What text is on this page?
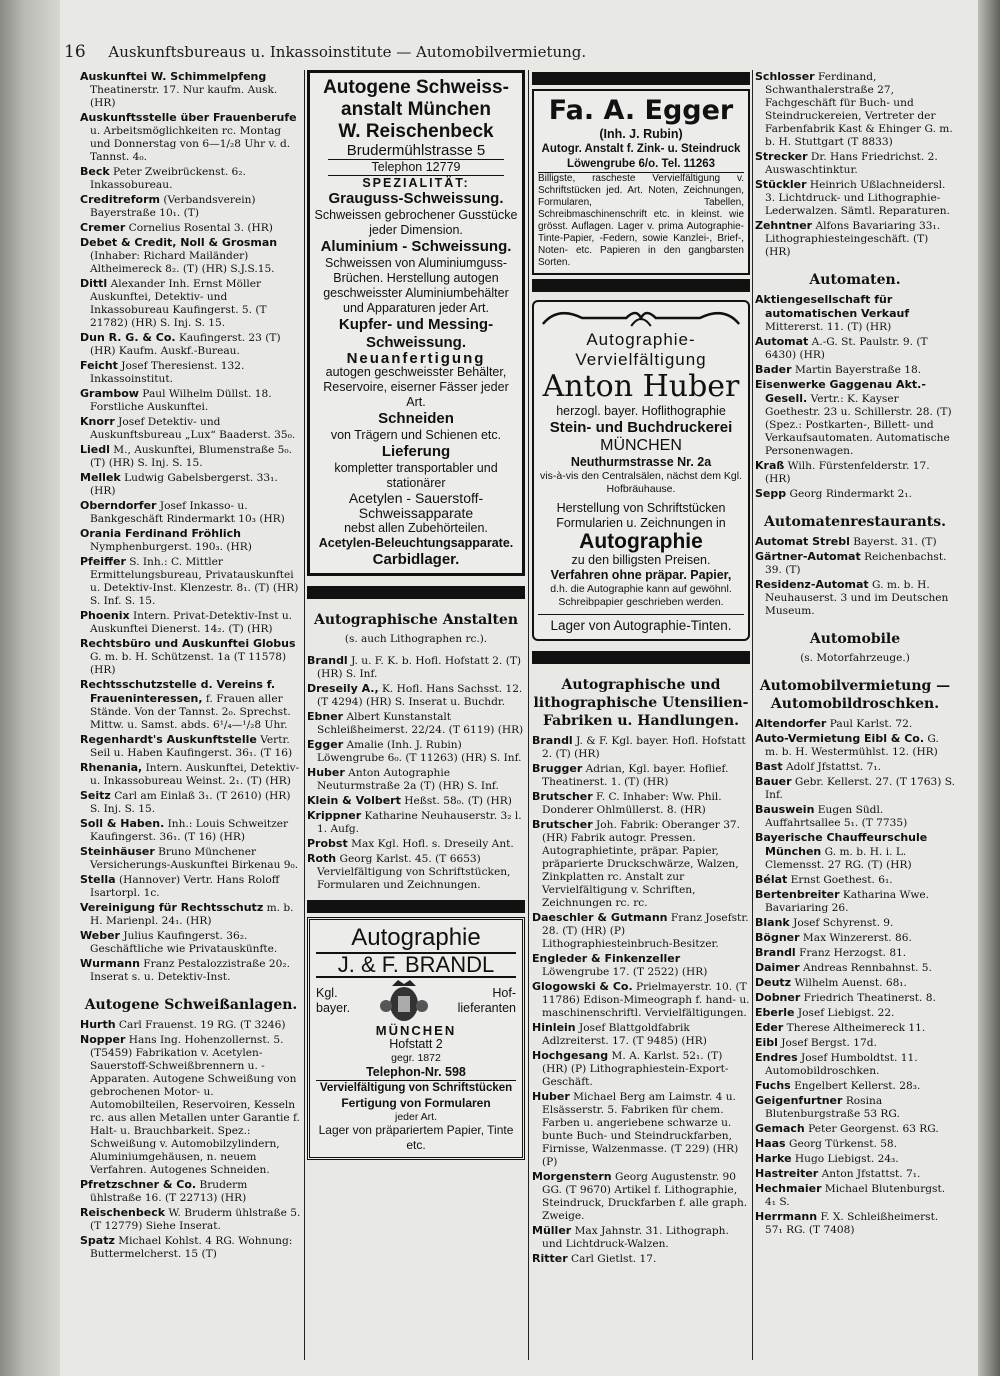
16 Auskunftsbureaus u. Inkassoinstitute — Automobilvermietung.
Auskunftei W. Schimmelpfeng Theatinerstr. 17. Nur kaufm. Ausk. (HR)
Auskunftsstelle über Frauenberufe u. Arbeitsmöglichkeiten rc. Montag und Donnerstag von 6—1/₂8 Uhr v. d. Tannst. 4₀.
Beck Peter Zweibrückenst. 6₂. Inkassobureau.
Creditreform (Verbandsverein) Bayerstraße 10₁. (T)
Cremer Cornelius Rosental 3. (HR)
Debet & Credit, Noll & Grosman (Inhaber: Richard Mailänder) Altheimereck 8₂. (T) (HR) S.J.S.15.
Dittl Alexander Inh. Ernst Möller Auskunftei, Detektiv- und Inkassobureau Kaufingerst. 5. (T 21782) (HR) S. Inj. S. 15.
Dun R. G. & Co. Kaufingerst. 23 (T) (HR) Kaufm. Auskf.-Bureau.
Feicht Josef Theresienst. 132. Inkassoinstitut.
Grambow Paul Wilhelm Düllst. 18. Forstliche Auskunftei.
Knorr Josef Detektiv- und Auskunftsbureau „Lux“ Baaderst. 35₀.
Liedl M., Auskunftei, Blumenstraße 5₀. (T) (HR) S. Inj. S. 15.
Mellek Ludwig Gabelsbergerst. 33₁. (HR)
Oberndorfer Josef Inkasso- u. Bankgeschäft Rindermarkt 10₃ (HR)
Orania Ferdinand Fröhlich Nymphenburgerst. 190₃. (HR)
Pfeiffer S. Inh.: C. Mittler Ermittelungsbureau, Privatauskunftei u. Detektiv-Inst. Klenzestr. 8₁. (T) (HR) S. Inf. S. 15.
Phoenix Intern. Privat-Detektiv-Inst u. Auskunftei Dienerst. 14₂. (T) (HR)
Rechtsbüro und Auskunftei Globus G. m. b. H. Schützenst. 1a (T 11578) (HR)
Rechtsschutzstelle d. Vereins f. Fraueninteressen, f. Frauen aller Stände. Von der Tannst. 2₀. Sprechst. Mittw. u. Samst. abds. 6¹/₄—¹/₂8 Uhr.
Regenhardt's Auskunftstelle Vertr. Seil u. Haben Kaufingerst. 36₁. (T 16)
Rhenania, Intern. Auskunftei, Detektiv- u. Inkassobureau Weinst. 2₁. (T) (HR)
Seitz Carl am Einlaß 3₁. (T 2610) (HR) S. Inj. S. 15.
Soll & Haben. Inh.: Louis Schweitzer Kaufingerst. 36₁. (T 16) (HR)
Steinhäuser Bruno Münchener Versicherungs-Auskunftei Birkenau 9₀.
Stella (Hannover) Vertr. Hans Roloff Isartorpl. 1c.
Vereinigung für Rechtsschutz m. b. H. Marienpl. 24₁. (HR)
Weber Julius Kaufingerst. 36₂. Geschäftliche wie Privatauskünfte.
Wurmann Franz Pestalozzistraße 20₂. Inserat s. u. Detektiv-Inst.
Autogene Schweißanlagen.
Hurth Carl Frauenst. 19 RG. (T 3246)
Nopper Hans Ing. Hohenzollernst. 5. (T5459) Fabrikation v. Acetylen-Sauerstoff-Schweißbrennern u. -Apparaten. Autogene Schweißung von gebrochenen Motor- u. Automobilteilen, Reservoiren, Kesseln rc. aus allen Metallen unter Garantie f. Halt- u. Brauchbarkeit. Spez.: Schweißung v. Automobilzylindern, Aluminiumgehäusen, n. neuem Verfahren. Autogenes Schneiden.
Pfretzschner & Co. Bruderm ühlstraße 16. (T 22713) (HR)
Reischenbeck W. Bruderm ühlstraße 5. (T 12779) Siehe Inserat.
Spatz Michael Kohlst. 4 RG. Wohnung: Buttermelcherst. 15 (T)
Autogene Schweiss-
anstalt München
W. Reischenbeck
Brudermühlstrasse 5
Telephon 12779
SPEZIALITÄT:
Grauguss-Schweissung.
Schweissen gebrochener Gusstücke jeder Dimension.
Aluminium - Schweissung.
Schweissen von Aluminiumguss-Brüchen. Herstellung autogen geschweisster Aluminiumbehälter und Apparaturen jeder Art.
Kupfer- und Messing-Schweissung.
Neuanfertigung
autogen geschweisster Behälter, Reservoire, eiserner Fässer jeder Art.
Schneiden
von Trägern und Schienen etc.
Lieferung
kompletter transportabler und stationärer
Acetylen - Sauerstoff-Schweissapparate
nebst allen Zubehörteilen.
Acetylen-Beleuchtungsapparate.
Carbidlager.
Autographische Anstalten
(s. auch Lithographen rc.).
Brandl J. u. F. K. b. Hofl. Hofstatt 2. (T) (HR) S. Inf.
Dreseily A., K. Hofl. Hans Sachsst. 12. (T 4294) (HR) S. Inserat u. Buchdr.
Ebner Albert Kunstanstalt Schleißheimerst. 22/24. (T 6119) (HR)
Egger Amalie (Inh. J. Rubin) Löwengrube 6₀. (T 11263) (HR) S. Inf.
Huber Anton Autographie Neuturmstraße 2a (T) (HR) S. Inf.
Klein & Volbert Heßst. 58₀. (T) (HR)
Krippner Katharine Neuhauserstr. 3₂ l. 1. Aufg.
Probst Max Kgl. Hofl. s. Dreseily Ant.
Roth Georg Karlst. 45. (T 6653) Vervielfältigung von Schriftstücken, Formularen und Zeichnungen.
Autographie
J. & F. BRANDL
Kgl.
bayer.
Hof-
lieferanten
MÜNCHEN
Hofstatt 2
gegr. 1872
Telephon-Nr. 598
Vervielfältigung von Schriftstücken
Fertigung von Formularen
jeder Art.
Lager von präpariertem Papier, Tinte etc.
Fa. A. Egger
(Inh. J. Rubin)
Autogr. Anstalt f. Zink- u. Steindruck
Löwengrube 6/o. Tel. 11263
Billigste, rascheste Vervielfältigung v. Schriftstücken jed. Art. Noten, Zeichnungen, Formularen, Tabellen, Schreibmaschinenschrift etc. in kleinst. wie grösst. Auflagen. Lager v. prima Autographie-Tinte-Papier, -Federn, sowie Kanzlei-, Brief-, Noten- etc. Papieren in den gangbarsten Sorten.
Autographie-
Vervielfältigung
Anton Huber
herzogl. bayer. Hoflithographie
Stein- und Buchdruckerei
MÜNCHEN
Neuthurmstrasse Nr. 2a
vis-à-vis den Centralsälen, nächst dem Kgl. Hofbräuhause.
Herstellung von Schriftstücken Formularien u. Zeichnungen in
Autographie
zu den billigsten Preisen.
Verfahren ohne präpar. Papier,
d.h. die Autographie kann auf gewöhnl. Schreibpapier geschrieben werden.
Lager von Autographie-Tinten.
Autographische und lithographische Utensilien-Fabriken u. Handlungen.
Brandl J. & F. Kgl. bayer. Hofl. Hofstatt 2. (T) (HR)
Brugger Adrian, Kgl. bayer. Hoflief. Theatinerst. 1. (T) (HR)
Brutscher F. C. Inhaber: Ww. Phil. Donderer Ohlmüllerst. 8. (HR)
Brutscher Joh. Fabrik: Oberanger 37. (HR) Fabrik autogr. Pressen. Autographietinte, präpar. Papier, präparierte Druckschwärze, Walzen, Zinkplatten rc. Anstalt zur Vervielfältigung v. Schriften, Zeichnungen rc. rc.
Daeschler & Gutmann Franz Josefstr. 28. (T) (HR) (P) Lithographiesteinbruch-Besitzer.
Engleder & Finkenzeller Löwengrube 17. (T 2522) (HR)
Glogowski & Co. Prielmayerstr. 10. (T 11786) Edison-Mimeograph f. hand- u. maschinenschriftl. Vervielfältigungen.
Hinlein Josef Blattgoldfabrik Adlzreiterst. 17. (T 9485) (HR)
Hochgesang M. A. Karlst. 52₁. (T) (HR) (P) Lithographiestein-Export-Geschäft.
Huber Michael Berg am Laimstr. 4 u. Elsässerstr. 5. Fabriken für chem. Farben u. angeriebene schwarze u. bunte Buch- und Steindruckfarben, Firnisse, Walzenmasse. (T 229) (HR) (P)
Morgenstern Georg Augustenstr. 90 GG. (T 9670) Artikel f. Lithographie, Steindruck, Druckfarben f. alle graph. Zweige.
Müller Max Jahnstr. 31. Lithograph. und Lichtdruck-Walzen.
Ritter Carl Gietlst. 17.
Schlosser Ferdinand, Schwanthalerstraße 27, Fachgeschäft für Buch- und Steindruckereien, Vertreter der Farbenfabrik Kast & Ehinger G. m. b. H. Stuttgart (T 8833)
Strecker Dr. Hans Friedrichst. 2. Auswaschtinktur.
Stückler Heinrich Ußlachneidersl. 3. Lichtdruck- und Lithographie-Lederwalzen. Sämtl. Reparaturen.
Zehntner Alfons Bavariaring 33₁. Lithographiesteingeschäft. (T) (HR)
Automaten.
Aktiengesellschaft für automatischen Verkauf Mittererst. 11. (T) (HR)
Automat A.-G. St. Paulstr. 9. (T 6430) (HR)
Bader Martin Bayerstraße 18.
Eisenwerke Gaggenau Akt.-Gesell. Vertr.: K. Kayser Goethestr. 23 u. Schillerstr. 28. (T) (Spez.: Postkarten-, Billett- und Verkaufsautomaten. Automatische Personenwagen.
Kraß Wilh. Fürstenfelderstr. 17. (HR)
Sepp Georg Rindermarkt 2₁.
Automatenrestaurants.
Automat Strebl Bayerst. 31. (T)
Gärtner-Automat Reichenbachst. 39. (T)
Residenz-Automat G. m. b. H. Neuhauserst. 3 und im Deutschen Museum.
Automobile
(s. Motorfahrzeuge.)
Automobilvermietung — Automobildroschken.
Altendorfer Paul Karlst. 72.
Auto-Vermietung Eibl & Co. G. m. b. H. Westermühlst. 12. (HR)
Bast Adolf Jfstattst. 7₁.
Bauer Gebr. Kellerst. 27. (T 1763) S. Inf.
Bauswein Eugen Südl. Auffahrtsallee 5₁. (T 7735)
Bayerische Chauffeurschule München G. m. b. H. i. L. Clemensst. 27 RG. (T) (HR)
Bélat Ernst Goethest. 6₁.
Bertenbreiter Katharina Wwe. Bavariaring 26.
Blank Josef Schyrenst. 9.
Bögner Max Winzererst. 86.
Brandl Franz Herzogst. 81.
Daimer Andreas Rennbahnst. 5.
Deutz Wilhelm Auenst. 68₁.
Dobner Friedrich Theatinerst. 8.
Eberle Josef Liebigst. 22.
Eder Therese Altheimereck 11.
Eibl Josef Bergst. 17d.
Endres Josef Humboldtst. 11. Automobildroschken.
Fuchs Engelbert Kellerst. 28₃.
Geigenfurtner Rosina Blutenburgstraße 53 RG.
Gemach Peter Georgenst. 63 RG.
Haas Georg Türkenst. 58.
Harke Hugo Liebigst. 24₃.
Hastreiter Anton Jfstattst. 7₁.
Hechmaier Michael Blutenburgst. 4₁ S.
Herrmann F. X. Schleißheimerst. 57₁ RG. (T 7408)
